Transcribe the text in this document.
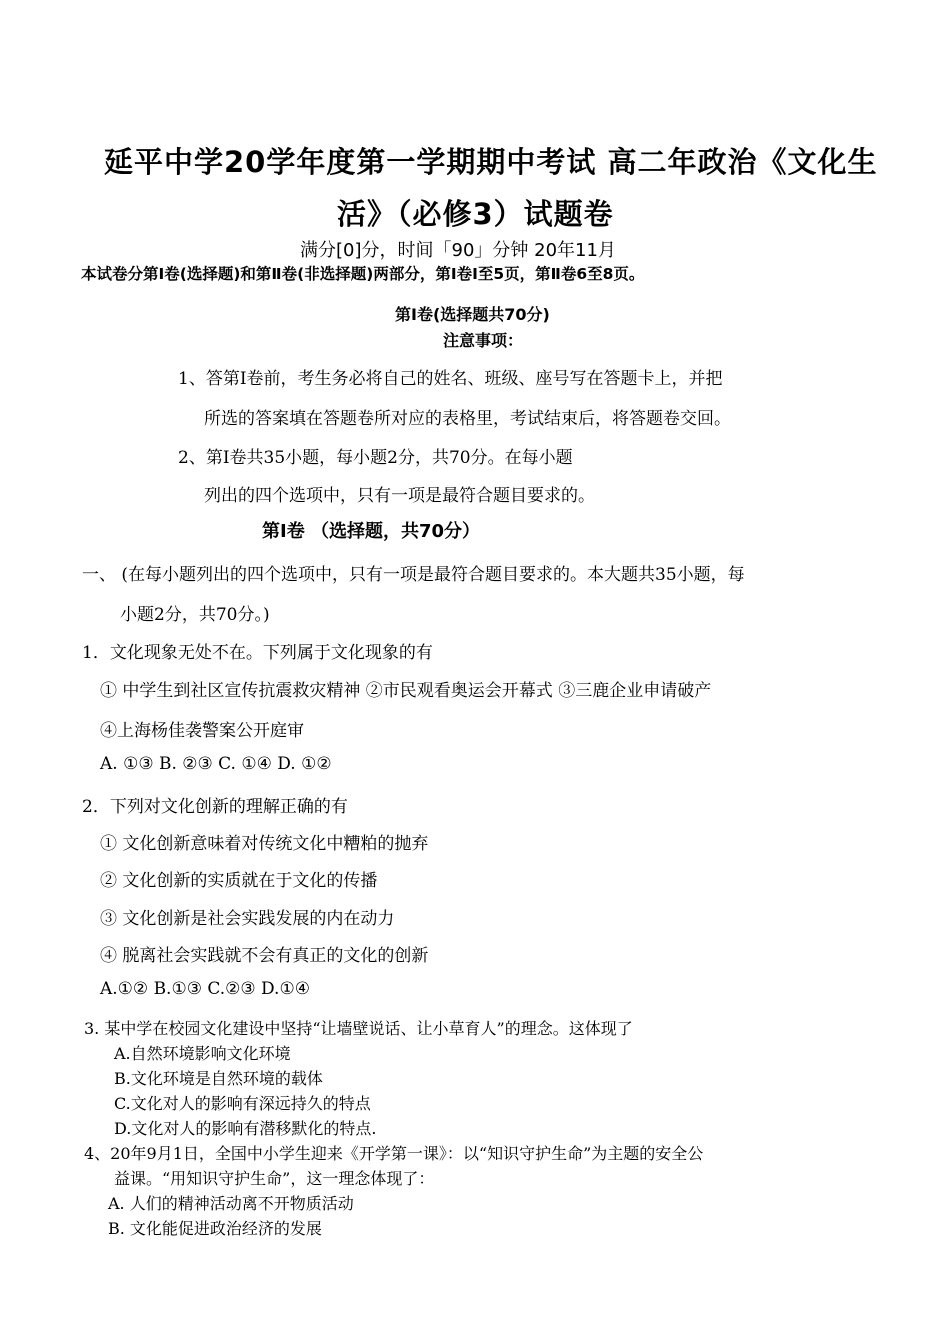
延平中学20学年度第一学期期中考试 高二年政治《文化生
活》（必修3）试题卷
满分[0]分，时间「90」分钟 20年11月
本试卷分第Ⅰ卷(选择题)和第Ⅱ卷(非选择题)两部分，第Ⅰ卷Ⅰ至5页，第Ⅱ卷6至8页。
第Ⅰ卷(选择题共70分)
注意事项：
1、答第Ⅰ卷前，考生务必将自己的姓名、班级、座号写在答题卡上，并把
所选的答案填在答题卷所对应的表格里，考试结束后，将答题卷交回。
2、第Ⅰ卷共35小题，每小题2分，共70分。在每小题
列出的四个选项中，只有一项是最符合题目要求的。
第Ⅰ卷 （选择题，共70分）
一、 (在每小题列出的四个选项中，只有一项是最符合题目要求的。本大题共35小题，每
小题2分，共70分。)
1．文化现象无处不在。下列属于文化现象的有
① 中学生到社区宣传抗震救灾精神 ②市民观看奥运会开幕式 ③三鹿企业申请破产
④上海杨佳袭警案公开庭审
A. ①③ B. ②③ C. ①④ D. ①②
2．下列对文化创新的理解正确的有
① 文化创新意味着对传统文化中糟粕的抛弃
② 文化创新的实质就在于文化的传播
③ 文化创新是社会实践发展的内在动力
④ 脱离社会实践就不会有真正的文化的创新
A.①② B.①③ C.②③ D.①④
3. 某中学在校园文化建设中坚持“让墙壁说话、让小草育人”的理念。这体现了
A.自然环境影响文化环境
B.文化环境是自然环境的载体
C.文化对人的影响有深远持久的特点
D.文化对人的影响有潜移默化的特点.
4、20年9月1日，全国中小学生迎来《开学第一课》：以“知识守护生命”为主题的安全公
益课。“用知识守护生命”，这一理念体现了：
A. 人们的精神活动离不开物质活动
B. 文化能促进政治经济的发展
